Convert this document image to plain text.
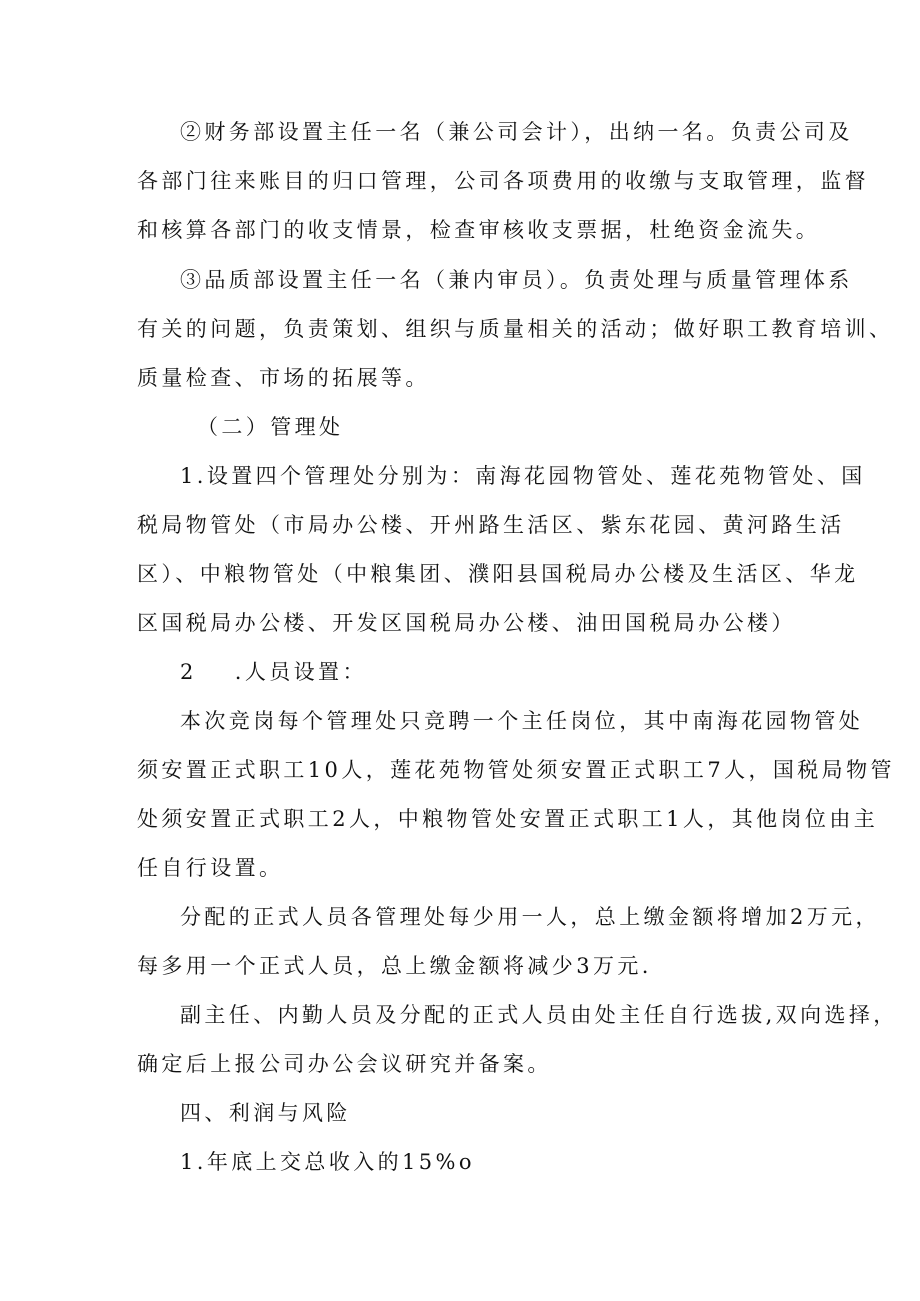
②财务部设置主任一名（兼公司会计），出纳一名。负责公司及
各部门往来账目的归口管理，公司各项费用的收缴与支取管理，监督
和核算各部门的收支情景，检查审核收支票据，杜绝资金流失。
③品质部设置主任一名（兼内审员）。负责处理与质量管理体系
有关的问题，负责策划、组织与质量相关的活动；做好职工教育培训、
质量检查、市场的拓展等。
（二）管理处
1.设置四个管理处分别为：南海花园物管处、莲花苑物管处、国
税局物管处（市局办公楼、开州路生活区、紫东花园、黄河路生活
区）、中粮物管处（中粮集团、濮阳县国税局办公楼及生活区、华龙
区国税局办公楼、开发区国税局办公楼、油田国税局办公楼）
2 .人员设置：
本次竞岗每个管理处只竞聘一个主任岗位，其中南海花园物管处
须安置正式职工10人，莲花苑物管处须安置正式职工7人，国税局物管
处须安置正式职工2人，中粮物管处安置正式职工1人，其他岗位由主
任自行设置。
分配的正式人员各管理处每少用一人，总上缴金额将增加2万元，
每多用一个正式人员，总上缴金额将减少3万元.
副主任、内勤人员及分配的正式人员由处主任自行选拔,双向选择，
确定后上报公司办公会议研究并备案。
四、利润与风险
1.年底上交总收入的15%o
